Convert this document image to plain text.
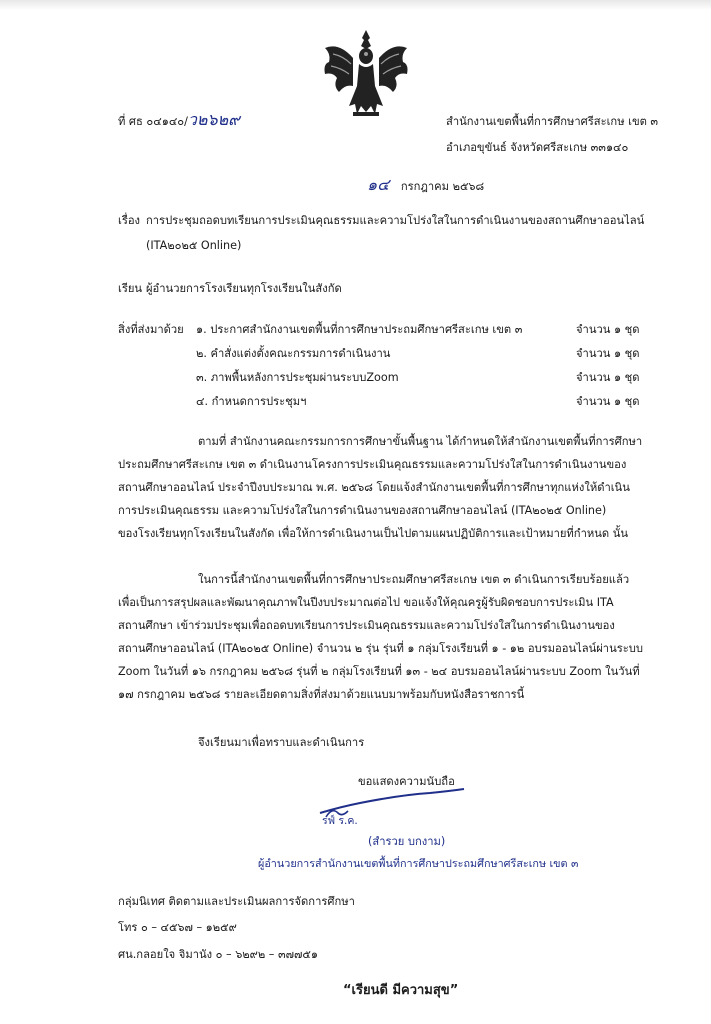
ที่ ศธ ๐๔๑๔๐/ว๒๖๒๙	สำนักงานเขตพื้นที่การศึกษาศรีสะเกษ เขต ๓
อำเภอขุขันธ์ จังหวัดศรีสะเกษ ๓๓๑๔๐
๑๔ กรกฎาคม ๒๕๖๘
เรื่อง การประชุมถอดบทเรียนการประเมินคุณธรรมและความโปร่งใสในการดำเนินงานของสถานศึกษาออนไลน์
(ITA๒๐๒๕ Online)
เรียน ผู้อำนวยการโรงเรียนทุกโรงเรียนในสังกัด
สิ่งที่ส่งมาด้วย ๑. ประกาศสำนักงานเขตพื้นที่การศึกษาประถมศึกษาศรีสะเกษ เขต ๓	จำนวน ๑ ชุด
๒. คำสั่งแต่งตั้งคณะกรรมการดำเนินงาน	จำนวน ๑ ชุด
๓. ภาพพื้นหลังการประชุมผ่านระบบZoom	จำนวน ๑ ชุด
๔. กำหนดการประชุมฯ	จำนวน ๑ ชุด
ตามที่ สำนักงานคณะกรรมการการศึกษาขั้นพื้นฐาน ได้กำหนดให้สำนักงานเขตพื้นที่การศึกษา
ประถมศึกษาศรีสะเกษ เขต ๓ ดำเนินงานโครงการประเมินคุณธรรมและความโปร่งใสในการดำเนินงานของ
สถานศึกษาออนไลน์ ประจำปีงบประมาณ พ.ศ. ๒๕๖๘ โดยแจ้งสำนักงานเขตพื้นที่การศึกษาทุกแห่งให้ดำเนิน
การประเมินคุณธรรม และความโปร่งใสในการดำเนินงานของสถานศึกษาออนไลน์ (ITA๒๐๒๕ Online)
ของโรงเรียนทุกโรงเรียนในสังกัด เพื่อให้การดำเนินงานเป็นไปตามแผนปฏิบัติการและเป้าหมายที่กำหนด นั้น
ในการนี้สำนักงานเขตพื้นที่การศึกษาประถมศึกษาศรีสะเกษ เขต ๓ ดำเนินการเรียบร้อยแล้ว
เพื่อเป็นการสรุปผลและพัฒนาคุณภาพในปีงบประมาณต่อไป ขอแจ้งให้คุณครูผู้รับผิดชอบการประเมิน ITA
สถานศึกษา เข้าร่วมประชุมเพื่อถอดบทเรียนการประเมินคุณธรรมและความโปร่งใสในการดำเนินงานของ
สถานศึกษาออนไลน์ (ITA๒๐๒๕ Online) จำนวน ๒ รุ่น รุ่นที่ ๑ กลุ่มโรงเรียนที่ ๑ - ๑๒ อบรมออนไลน์ผ่านระบบ
Zoom ในวันที่ ๑๖ กรกฎาคม ๒๕๖๘ รุ่นที่ ๒ กลุ่มโรงเรียนที่ ๑๓ - ๒๔ อบรมออนไลน์ผ่านระบบ Zoom ในวันที่
๑๗ กรกฎาคม ๒๕๖๘ รายละเอียดตามสิ่งที่ส่งมาด้วยแนบมาพร้อมกับหนังสือราชการนี้
จึงเรียนมาเพื่อทราบและดำเนินการ
ขอแสดงความนับถือ
รฟ์ ร.ค.
(สำรวย บกงาม)
ผู้อำนวยการสำนักงานเขตพื้นที่การศึกษาประถมศึกษาศรีสะเกษ เขต ๓
กลุ่มนิเทศ ติดตามและประเมินผลการจัดการศึกษา
โทร ๐ – ๔๕๖๗ – ๑๒๕๙
ศน.กลอยใจ จิมานัง ๐ – ๖๒๙๒ – ๓๗๗๕๑
“เรียนดี มีความสุข”
